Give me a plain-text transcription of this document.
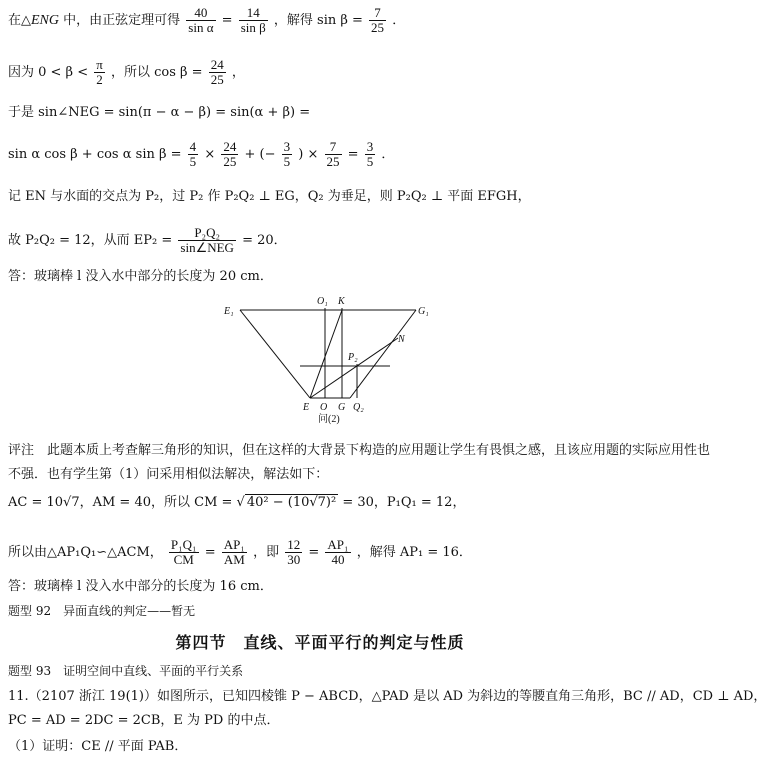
在△ENG 中，由正弦定理可得 $\frac{40}{\text{sin α}} = \frac{14}{\text{sin β}}$ ，解得 $\sin \beta = \frac{7}{25}$ ．
因为 $0 < \beta < \frac{\pi}{2}$ ，所以 $\cos \beta = \frac{24}{25}$ ，
于是 sin∠NEG = sin(π − α − β) = sin(α + β) =
sin α cos β + cos α $\sin \beta = \frac{4}{5} \times \frac{24}{25}$ + (− $\frac{3}{5}$ ) × $\frac{7}{25} = \frac{3}{5}$ ．
记 EN 与水面的交点为 P₂，过 P₂ 作 P₂Q₂ ⊥ EG，Q₂ 为垂足，则 P₂Q₂ ⊥ 平面 EFGH，
故 P₂Q₂ = 12，从而 $EP_2 = \frac{\text{P₂Q₂}}{\text{sin∠NEG}} = 20$．
答：玻璃棒 l 没入水中部分的长度为 20 cm．
E₁
O₁ K
G₁
N
P₂
E O G Q₂
问(2)
评注　此题本质上考查解三角形的知识，但在这样的大背景下构造的应用题让学生有畏惧之感，且该应用题的实际应用性也
不强．也有学生第（1）问采用相似法解决，解法如下：
AC = 10√7，AM = 40，所以 CM = √ 40² − (10√7)² = 30，P₁Q₁ = 12，
所以由△AP₁Q₁∽△ACM， $\frac{\text{P₁Q₁}}{CM} = \frac{\text{AP₁}}{AM}$ ，即 $\frac{12}{30} = \frac{\text{AP₁}}{40}$ ，解得 AP₁ = 16．
答：玻璃棒 l 没入水中部分的长度为 16 cm．
题型 92　异面直线的判定——暂无
第四节　直线、平面平行的判定与性质
题型 93　证明空间中直线、平面的平行关系
11.（2107 浙江 19(1)）如图所示，已知四棱锥 P − ABCD，△PAD 是以 AD 为斜边的等腰直角三角形，BC // AD，CD ⊥ AD，
PC = AD = 2DC = 2CB，E 为 PD 的中点．
（1）证明：CE // 平面 PAB．
